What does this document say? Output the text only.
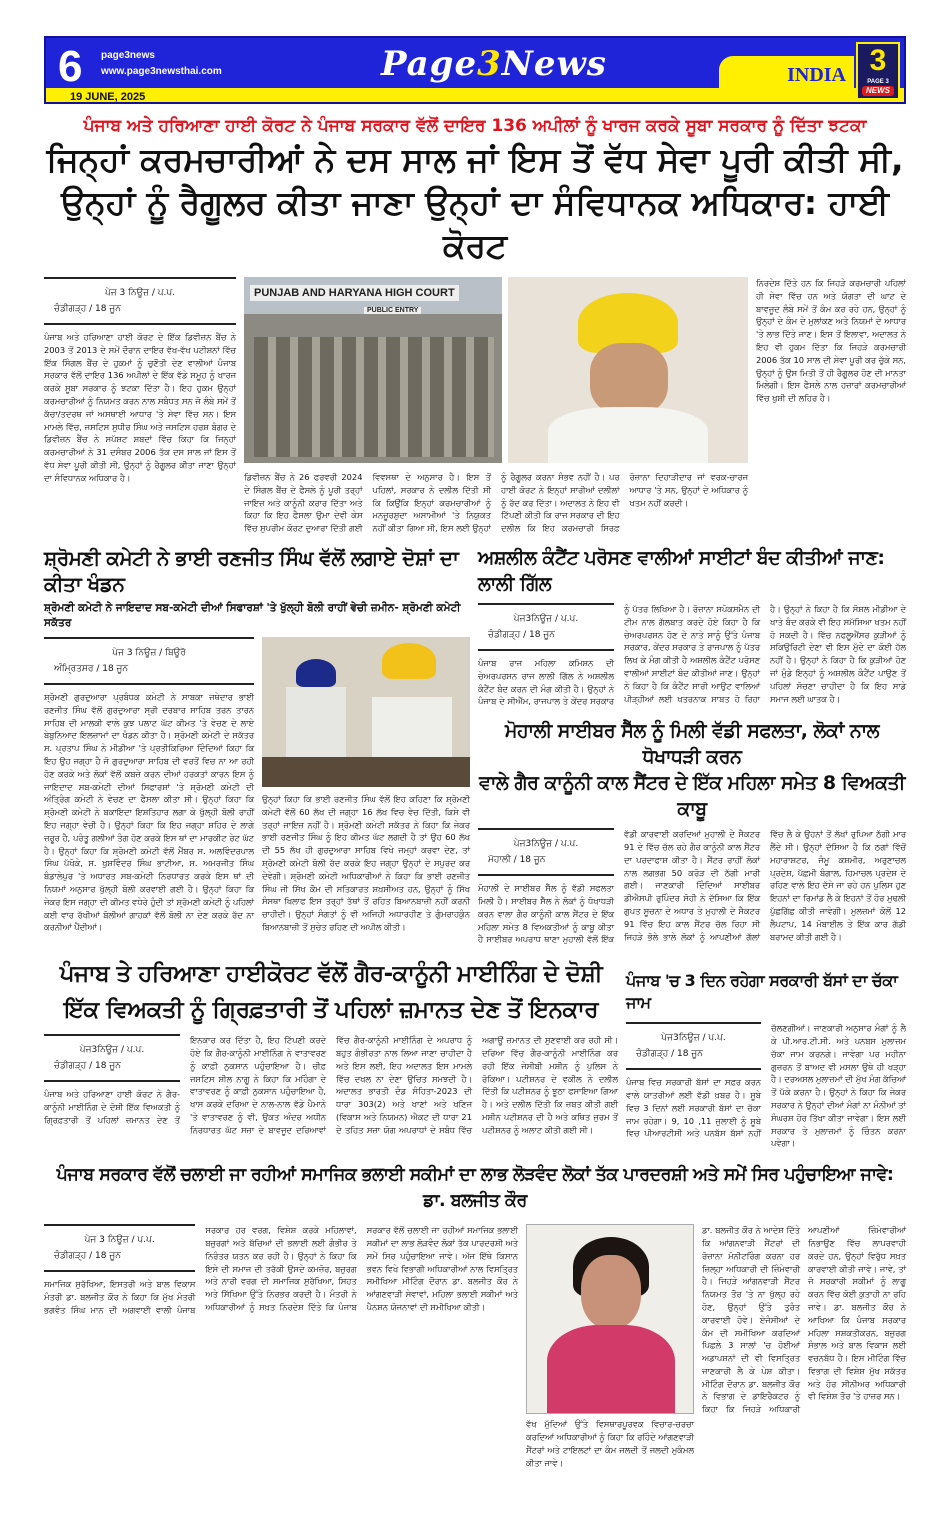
6 page3news
www.page3newsthai.com
19 JUNE, 2025
Page3News	INDIA 3
PAGE 3
NEWS
ਪੰਜਾਬ ਅਤੇ ਹਰਿਆਣਾ ਹਾਈ ਕੋਰਟ ਨੇ ਪੰਜਾਬ ਸਰਕਾਰ ਵੱਲੋਂ ਦਾਇਰ 136 ਅਪੀਲਾਂ ਨੂੰ ਖਾਰਜ ਕਰਕੇ ਸੂਬਾ ਸਰਕਾਰ ਨੂੰ ਦਿੱਤਾ ਝਟਕਾ
ਜਿਨ੍ਹਾਂ ਕਰਮਚਾਰੀਆਂ ਨੇ ਦਸ ਸਾਲ ਜਾਂ ਇਸ ਤੋਂ ਵੱਧ ਸੇਵਾ ਪੂਰੀ ਕੀਤੀ ਸੀ,
ਉਨ੍ਹਾਂ ਨੂੰ ਰੈਗੂਲਰ ਕੀਤਾ ਜਾਣਾ ਉਨ੍ਹਾਂ ਦਾ ਸੰਵਿਧਾਨਕ ਅਧਿਕਾਰ: ਹਾਈ ਕੋਰਟ
ਪੇਜ 3 ਨਿਊਜ਼ / ਪ.ਪ.
ਚੰਡੀਗੜ੍ਹ / 18 ਜੂਨ
ਪੰਜਾਬ ਅਤੇ ਹਰਿਆਣਾ ਹਾਈ ਕੋਰਟ ਦੇ ਇੱਕ ਡਿਵੀਜ਼ਨ ਬੈਂਚ ਨੇ 2003 ਤੋਂ 2013 ਦੇ ਸਮੇਂ ਦੌਰਾਨ ਦਾਇਰ ਵੱਖ-ਵੱਖ ਪਟੀਸ਼ਨਾਂ ਵਿੱਚ ਇੱਕ ਸਿੰਗਲ ਬੈਂਚ ਦੇ ਹੁਕਮਾਂ ਨੂੰ ਚੁਣੌਤੀ ਦੇਣ ਵਾਲੀਆਂ ਪੰਜਾਬ ਸਰਕਾਰ ਵੱਲੋਂ ਦਾਇਰ 136 ਅਪੀਲਾਂ ਦੇ ਇੱਕ ਵੱਡੇ ਸਮੂਹ ਨੂੰ ਖਾਰਜ ਕਰਕੇ ਸੂਬਾ ਸਰਕਾਰ ਨੂੰ ਝਟਕਾ ਦਿੱਤਾ ਹੈ। ਇਹ ਹੁਕਮ ਉਨ੍ਹਾਂ ਕਰਮਚਾਰੀਆਂ ਨੂੰ ਨਿਯਮਤ ਕਰਨ ਨਾਲ ਸਬੰਧਤ ਸਨ ਜੋ ਲੰਬੇ ਸਮੇਂ ਤੋਂ ਕੱਚਾ/ਤਦਰਥ ਜਾਂ ਅਸਥਾਈ ਆਧਾਰ 'ਤੇ ਸੇਵਾ ਵਿੱਚ ਸਨ। ਇਸ ਮਾਮਲੇ ਵਿੱਚ, ਜਸਟਿਸ ਸੁਧੀਰ ਸਿੰਘ ਅਤੇ ਜਸਟਿਸ ਹਰਸ਼ ਬੰਗਰ ਦੇ ਡਿਵੀਜ਼ਨ ਬੈਂਚ ਨੇ ਸਪੱਸ਼ਟ ਸ਼ਬਦਾਂ ਵਿੱਚ ਕਿਹਾ ਕਿ ਜਿਨ੍ਹਾਂ ਕਰਮਚਾਰੀਆਂ ਨੇ 31 ਦਸੰਬਰ 2006 ਤੱਕ ਦਸ ਸਾਲ ਜਾਂ ਇਸ ਤੋਂ ਵੱਧ ਸੇਵਾ ਪੂਰੀ ਕੀਤੀ ਸੀ, ਉਨ੍ਹਾਂ ਨੂੰ ਰੈਗੂਲਰ ਕੀਤਾ ਜਾਣਾ ਉਨ੍ਹਾਂ ਦਾ ਸੰਵਿਧਾਨਕ ਅਧਿਕਾਰ ਹੈ।
PUNJAB AND HARYANA HIGH COURT
PUBLIC ENTRY
ਡਿਵੀਜ਼ਨ ਬੈਂਚ ਨੇ 26 ਫਰਵਰੀ 2024 ਦੇ ਸਿੰਗਲ ਬੈਂਚ ਦੇ ਫੈਸਲੇ ਨੂੰ ਪੂਰੀ ਤਰ੍ਹਾਂ ਜਾਇਜ਼ ਅਤੇ ਕਾਨੂੰਨੀ ਕਰਾਰ ਦਿੱਤਾ ਅਤੇ ਕਿਹਾ ਕਿ ਇਹ ਫੈਸਲਾ ਉਮਾ ਦੇਵੀ ਕੇਸ ਵਿੱਚ ਸੁਪਰੀਮ ਕੋਰਟ ਦੁਆਰਾ ਦਿੱਤੀ ਗਈ ਵਿਵਸਥਾ ਦੇ ਅਨੁਸਾਰ ਹੈ। ਇਸ ਤੋਂ ਪਹਿਲਾਂ, ਸਰਕਾਰ ਨੇ ਦਲੀਲ ਦਿੱਤੀ ਸੀ ਕਿ ਕਿਉਂਕਿ ਇਨ੍ਹਾਂ ਕਰਮਚਾਰੀਆਂ ਨੂੰ ਮਨਜ਼ੂਰਸ਼ੁਦਾ ਅਸਾਮੀਆਂ 'ਤੇ ਨਿਯੁਕਤ ਨਹੀਂ ਕੀਤਾ ਗਿਆ ਸੀ, ਇਸ ਲਈ ਉਨ੍ਹਾਂ ਨੂੰ ਰੈਗੂਲਰ ਕਰਨਾ ਸੰਭਵ ਨਹੀਂ ਹੈ। ਪਰ ਹਾਈ ਕੋਰਟ ਨੇ ਇਨ੍ਹਾਂ ਸਾਰੀਆਂ ਦਲੀਲਾਂ ਨੂੰ ਰੱਦ ਕਰ ਦਿੱਤਾ। ਅਦਾਲਤ ਨੇ ਇਹ ਵੀ ਟਿੱਪਣੀ ਕੀਤੀ ਕਿ ਰਾਜ ਸਰਕਾਰ ਦੀ ਇਹ ਦਲੀਲ ਕਿ ਇਹ ਕਰਮਚਾਰੀ ਸਿਰਫ਼ ਰੋਜ਼ਾਨਾ ਦਿਹਾੜੀਦਾਰ ਜਾਂ ਵਰਕ-ਚਾਰਜ ਆਧਾਰ 'ਤੇ ਸਨ, ਉਨ੍ਹਾਂ ਦੇ ਅਧਿਕਾਰ ਨੂੰ ਖਤਮ ਨਹੀਂ ਕਰਦੀ।
ਨਿਰਦੇਸ਼ ਦਿੱਤੇ ਹਨ ਕਿ ਜਿਹੜੇ ਕਰਮਚਾਰੀ ਪਹਿਲਾਂ ਹੀ ਸੇਵਾ ਵਿੱਚ ਹਨ ਅਤੇ ਯੋਗਤਾ ਦੀ ਘਾਟ ਦੇ ਬਾਵਜੂਦ ਲੰਬੇ ਸਮੇਂ ਤੋਂ ਕੰਮ ਕਰ ਰਹੇ ਹਨ, ਉਨ੍ਹਾਂ ਨੂੰ ਉਨ੍ਹਾਂ ਦੇ ਕੰਮ ਦੇ ਮੁਲਾਂਕਣ ਅਤੇ ਨਿਯਮਾਂ ਦੇ ਆਧਾਰ 'ਤੇ ਲਾਭ ਦਿੱਤੇ ਜਾਣ। ਇਸ ਤੋਂ ਇਲਾਵਾ, ਅਦਾਲਤ ਨੇ ਇਹ ਵੀ ਹੁਕਮ ਦਿੱਤਾ ਕਿ ਜਿਹੜੇ ਕਰਮਚਾਰੀ 2006 ਤੱਕ 10 ਸਾਲ ਦੀ ਸੇਵਾ ਪੂਰੀ ਕਰ ਚੁੱਕੇ ਸਨ, ਉਨ੍ਹਾਂ ਨੂੰ ਉਸ ਮਿਤੀ ਤੋਂ ਹੀ ਰੈਗੂਲਰ ਹੋਣ ਦੀ ਮਾਨਤਾ ਮਿਲੇਗੀ। ਇਸ ਫੈਸਲੇ ਨਾਲ ਹਜ਼ਾਰਾਂ ਕਰਮਚਾਰੀਆਂ ਵਿੱਚ ਖੁਸ਼ੀ ਦੀ ਲਹਿਰ ਹੈ।
ਸ਼੍ਰੋਮਣੀ ਕਮੇਟੀ ਨੇ ਭਾਈ ਰਣਜੀਤ ਸਿੰਘ ਵੱਲੋਂ ਲਗਾਏ ਦੋਸ਼ਾਂ ਦਾ ਕੀਤਾ ਖੰਡਨ
ਸ਼੍ਰੋਮਣੀ ਕਮੇਟੀ ਨੇ ਜਾਇਦਾਦ ਸਬ-ਕਮੇਟੀ ਦੀਆਂ ਸਿਫਾਰਸ਼ਾਂ 'ਤੇ ਖੁੱਲ੍ਹੀ ਬੋਲੀ ਰਾਹੀਂ ਵੇਚੀ ਜ਼ਮੀਨ- ਸ਼੍ਰੋਮਣੀ ਕਮੇਟੀ ਸਕੱਤਰ
ਪੇਜ 3 ਨਿਊਜ਼ / ਬਿਊਰੋ
ਅੰਮ੍ਰਿਤਸਰ / 18 ਜੂਨ
ਸ਼੍ਰੋਮਣੀ ਗੁਰਦੁਆਰਾ ਪ੍ਰਬੰਧਕ ਕਮੇਟੀ ਨੇ ਸਾਬਕਾ ਜਥੇਦਾਰ ਭਾਈ ਰਣਜੀਤ ਸਿੰਘ ਵੱਲੋਂ ਗੁਰਦੁਆਰਾ ਸ੍ਰੀ ਦਰਬਾਰ ਸਾਹਿਬ ਤਰਨ ਤਾਰਨ ਸਾਹਿਬ ਦੀ ਮਾਲਕੀ ਵਾਲੇ ਕੁਝ ਪਲਾਟ ਘੱਟ ਕੀਮਤ 'ਤੇ ਵੇਚਣ ਦੇ ਲਾਏ ਬੇਬੁਨਿਆਦ ਇਲਜ਼ਾਮਾਂ ਦਾ ਖੰਡਨ ਕੀਤਾ ਹੈ। ਸ਼੍ਰੋਮਣੀ ਕਮੇਟੀ ਦੇ ਸਕੱਤਰ ਸ. ਪ੍ਰਤਾਪ ਸਿੰਘ ਨੇ ਮੀਡੀਆ 'ਤੇ ਪ੍ਰਤੀਕਿਰਿਆ ਦਿੰਦਿਆਂ ਕਿਹਾ ਕਿ ਇਹ ਉਹ ਜਗ੍ਹਾ ਹੈ ਜੋ ਗੁਰਦੁਆਰਾ ਸਾਹਿਬ ਦੀ ਵਰਤੋਂ ਵਿਚ ਨਾ ਆ ਰਹੀ ਹੋਣ ਕਰਕੇ ਅਤੇ ਲੋਕਾਂ ਵੱਲੋਂ ਕਬਜ਼ੇ ਕਰਨ ਦੀਆਂ ਹਰਕਤਾਂ ਕਾਰਨ ਇਸ ਨੂੰ ਜਾਇਦਾਦ ਸਬ-ਕਮੇਟੀ ਦੀਆਂ ਸਿਫਾਰਸ਼ਾਂ 'ਤੇ ਸ਼੍ਰੋਮਣੀ ਕਮੇਟੀ ਦੀ ਅੰਤ੍ਰਿੰਗ ਕਮੇਟੀ ਨੇ ਵੇਚਣ ਦਾ ਫੈਸਲਾ ਕੀਤਾ ਸੀ। ਉਨ੍ਹਾਂ ਕਿਹਾ ਕਿ ਸ਼੍ਰੋਮਣੀ ਕਮੇਟੀ ਨੇ ਬਕਾਇਦਾ ਇਸ਼ਤਿਹਾਰ ਲਗਾ ਕੇ ਖੁੱਲ੍ਹੀ ਬੋਲੀ ਰਾਹੀਂ ਇਹ ਜਗ੍ਹਾ ਵੇਚੀ ਹੈ। ਉਨ੍ਹਾਂ ਕਿਹਾ ਕਿ ਇਹ ਜਗ੍ਹਾ ਸ਼ਹਿਰ ਦੇ ਲਾਗੇ ਜ਼ਰੂਰ ਹੈ, ਪਰੰਤੂ ਗਲੀਆਂ ਤੰਗ ਹੋਣ ਕਰਕੇ ਇਸ ਥਾਂ ਦਾ ਮਾਰਕੀਟ ਰੇਟ ਘੱਟ ਹੈ। ਉਨ੍ਹਾਂ ਕਿਹਾ ਕਿ ਸ਼੍ਰੋਮਣੀ ਕਮੇਟੀ ਵੱਲੋਂ ਮੈਂਬਰ ਸ. ਅਲਵਿੰਦਰਪਾਲ ਸਿੰਘ ਪੱਖੋਕੇ, ਸ. ਖੁਸ਼ਵਿੰਦਰ ਸਿੰਘ ਭਾਟੀਆ, ਸ. ਅਮਰਜੀਤ ਸਿੰਘ ਬੰਡਾਲੇਪੁਰ 'ਤੇ ਅਧਾਰਤ ਸਬ-ਕਮੇਟੀ ਨਿਰਧਾਰਤ ਕਰਕੇ ਇਸ ਥਾਂ ਦੀ ਨਿਯਮਾਂ ਅਨੁਸਾਰ ਖੁੱਲ੍ਹੀ ਬੋਲੀ ਕਰਵਾਈ ਗਈ ਹੈ। ਉਨ੍ਹਾਂ ਕਿਹਾ ਕਿ ਜੇਕਰ ਇਸ ਜਗ੍ਹਾ ਦੀ ਕੀਮਤ ਵਧੇਰੇ ਹੁੰਦੀ ਤਾਂ ਸ਼੍ਰੋਮਣੀ ਕਮੇਟੀ ਨੂੰ ਪਹਿਲਾਂ ਕਈ ਵਾਰ ਰੱਖੀਆਂ ਬੋਲੀਆਂ ਗਾਹਕਾਂ ਵੱਲੋਂ ਬੋਲੀ ਨਾ ਦੇਣ ਕਰਕੇ ਰੱਦ ਨਾ ਕਰਨੀਆਂ ਪੈਂਦੀਆਂ।
ਉਨ੍ਹਾਂ ਕਿਹਾ ਕਿ ਭਾਈ ਰਣਜੀਤ ਸਿੰਘ ਵੱਲੋਂ ਇਹ ਕਹਿਣਾ ਕਿ ਸ਼੍ਰੋਮਣੀ ਕਮੇਟੀ ਵੱਲੋਂ 60 ਲੱਖ ਦੀ ਜਗ੍ਹਾ 16 ਲੱਖ ਵਿਚ ਵੇਚ ਦਿੱਤੀ, ਕਿਸੇ ਵੀ ਤਰ੍ਹਾਂ ਜਾਇਜ਼ ਨਹੀਂ ਹੈ। ਸ਼੍ਰੋਮਣੀ ਕਮੇਟੀ ਸਕੱਤਰ ਨੇ ਕਿਹਾ ਕਿ ਜੇਕਰ ਭਾਈ ਰਣਜੀਤ ਸਿੰਘ ਨੂੰ ਇਹ ਕੀਮਤ ਘੱਟ ਲਗਦੀ ਹੈ ਤਾਂ ਉਹ 60 ਲੱਖ ਦੀ 55 ਲੱਖ ਹੀ ਗੁਰਦੁਆਰਾ ਸਾਹਿਬ ਵਿਖੇ ਜਮ੍ਹਾਂ ਕਰਵਾ ਦੇਣ, ਤਾਂ ਸ਼੍ਰੋਮਣੀ ਕਮੇਟੀ ਬੋਲੀ ਰੱਦ ਕਰਕੇ ਇਹ ਜਗ੍ਹਾ ਉਨ੍ਹਾਂ ਦੇ ਸਪੁਰਦ ਕਰ ਦੇਵੇਗੀ। ਸ਼੍ਰੋਮਣੀ ਕਮੇਟੀ ਅਧਿਕਾਰੀਆਂ ਨੇ ਕਿਹਾ ਕਿ ਭਾਈ ਰਣਜੀਤ ਸਿੰਘ ਜੀ ਸਿੱਖ ਕੌਮ ਦੀ ਸਤਿਕਾਰਤ ਸ਼ਖ਼ਸੀਅਤ ਹਨ, ਉਨ੍ਹਾਂ ਨੂੰ ਸਿੱਖ ਸੰਸਥਾ ਖਿਲਾਫ ਇਸ ਤਰ੍ਹਾਂ ਤੱਥਾਂ ਤੋਂ ਰਹਿਤ ਬਿਆਨਬਾਜ਼ੀ ਨਹੀਂ ਕਰਨੀ ਚਾਹੀਦੀ। ਉਨ੍ਹਾਂ ਸੰਗਤਾਂ ਨੂੰ ਵੀ ਅਜਿਹੀ ਅਧਾਰਹੀਣ ਤੇ ਗੁੰਮਰਾਹਕੁੰਨ ਬਿਆਨਬਾਜ਼ੀ ਤੋਂ ਸੁਚੇਤ ਰਹਿਣ ਦੀ ਅਪੀਲ ਕੀਤੀ।
ਅਸ਼ਲੀਲ ਕੰਟੈਂਟ ਪਰੋਸਣ ਵਾਲੀਆਂ ਸਾਈਟਾਂ ਬੰਦ ਕੀਤੀਆਂ ਜਾਣ: ਲਾਲੀ ਗਿੱਲ
ਪੇਜ3ਨਿਊਜ਼ / ਪ.ਪ.
ਚੰਡੀਗੜ੍ਹ / 18 ਜੂਨ
ਪੰਜਾਬ ਰਾਜ ਮਹਿਲਾ ਕਮਿਸ਼ਨ ਦੀ ਚੇਅਰਪਰਸਨ ਰਾਜ ਲਾਲੀ ਗਿੱਲ ਨੇ ਅਸ਼ਲੀਲ ਕੰਟੈਂਟ ਬੰਦ ਕਰਨ ਦੀ ਮੰਗ ਕੀਤੀ ਹੈ। ਉਨ੍ਹਾਂ ਨੇ ਪੰਜਾਬ ਦੇ ਸੀਐੱਮ, ਰਾਜਪਾਲ ਤੇ ਕੇਂਦਰ ਸਰਕਾਰ ਨੂੰ ਪੱਤਰ ਲਿਖਿਆ ਹੈ। ਰੋਜ਼ਾਨਾ ਸਪੋਕਸਮੈਨ ਦੀ ਟੀਮ ਨਾਲ ਗੱਲਬਾਤ ਕਰਦੇ ਹੋਏ ਕਿਹਾ ਹੈ ਕਿ ਚੇਅਰਪਰਸਨ ਹੋਣ ਦੇ ਨਾਤੇ ਸਾਨੂੰ ਉੱਤੇ ਪੰਜਾਬ ਸਰਕਾਰ, ਕੇਂਦਰ ਸਰਕਾਰ ਤੇ ਰਾਜਪਾਲ ਨੂੰ ਪੱਤਰ ਲਿਖ ਕੇ ਮੰਗ ਕੀਤੀ ਹੈ ਅਸ਼ਲੀਲ ਕੰਟੈਂਟ ਪਰੋਸਣ ਵਾਲੀਆਂ ਸਾਈਟਾਂ ਬੰਦ ਕੀਤੀਆਂ ਜਾਣ। ਉਨ੍ਹਾਂ ਨੇ ਕਿਹਾ ਹੈ ਕਿ ਕੰਟੈਂਟ ਸਾਰੀ ਆਉਟ ਵਾਲਿਆਂ ਪੀੜ੍ਹੀਆਂ ਲਈ ਖਤਰਨਾਕ ਸਾਬਤ ਹੋ ਰਿਹਾ ਹੈ। ਉਨ੍ਹਾਂ ਨੇ ਕਿਹਾ ਹੈ ਕਿ ਸੋਸ਼ਲ ਮੀਡੀਆ ਦੇ ਖਾਤੇ ਬੰਦ ਕਰਕੇ ਵੀ ਇਹ ਸਮੱਸਿਆ ਖਤਮ ਨਹੀਂ ਹੋ ਸਕਦੀ ਹੈ। ਵਿੱਚ ਨਫਲੂਐਂਸਰ ਕੁੜੀਆਂ ਨੂੰ ਸਕਿਉਰਿਟੀ ਦੇਣਾ ਵੀ ਇਸ ਮੁੱਦੇ ਦਾ ਕੋਈ ਹੱਲ ਨਹੀਂ ਹੈ। ਉਨ੍ਹਾਂ ਨੇ ਕਿਹਾ ਹੈ ਕਿ ਕੁੜੀਆਂ ਹੋਣ ਜਾਂ ਮੁੰਡੇ ਇਨ੍ਹਾਂ ਨੂੰ ਅਸ਼ਲੀਲ ਕੰਟੈਂਟ ਪਾਉਣ ਤੋਂ ਪਹਿਲਾਂ ਸੋਚਣਾ ਚਾਹੀਦਾ ਹੈ ਕਿ ਇਹ ਸਾਡੇ ਸਮਾਜ ਲਈ ਘਾਤਕ ਹੈ।
ਮੋਹਾਲੀ ਸਾਈਬਰ ਸੈੱਲ ਨੂੰ ਮਿਲੀ ਵੱਡੀ ਸਫਲਤਾ, ਲੋਕਾਂ ਨਾਲ ਧੋਖਾਧੜੀ ਕਰਨ
ਵਾਲੇ ਗੈਰ ਕਾਨੂੰਨੀ ਕਾਲ ਸੈਂਟਰ ਦੇ ਇੱਕ ਮਹਿਲਾ ਸਮੇਤ 8 ਵਿਅਕਤੀ ਕਾਬੂ
ਪੇਜ3ਨਿਊਜ਼ / ਪ.ਪ.
ਮੋਹਾਲੀ / 18 ਜੂਨ
ਮੋਹਾਲੀ ਦੇ ਸਾਈਬਰ ਸੈੱਲ ਨੂੰ ਵੱਡੀ ਸਫਲਤਾ ਮਿਲੀ ਹੈ। ਸਾਈਬਰ ਸੈੱਲ ਨੇ ਲੋਕਾਂ ਨੂੰ ਧੋਖਾਧੜੀ ਕਰਨ ਵਾਲਾ ਗੈਰ ਕਾਨੂੰਨੀ ਕਾਲ ਸੈਂਟਰ ਦੇ ਇੱਕ ਮਹਿਲਾ ਸਮੇਤ 8 ਵਿਅਕਤੀਆਂ ਨੂੰ ਕਾਬੂ ਕੀਤਾ ਹੈ ਸਾਈਬਰ ਅਪਰਾਧ ਥਾਣਾ ਮੁਹਾਲੀ ਵੱਲੋਂ ਇੱਕ ਵੱਡੀ ਕਾਰਵਾਈ ਕਰਦਿਆਂ ਮੁਹਾਲੀ ਦੇ ਸੈਕਟਰ 91 ਦੇ ਵਿੱਚ ਚੱਲ ਰਹੇ ਗੈਰ ਕਾਨੂੰਨੀ ਕਾਲ ਸੈਂਟਰ ਦਾ ਪਰਦਾਫਾਸ਼ ਕੀਤਾ ਹੈ। ਸੈਂਟਰ ਰਾਹੀਂ ਲੋਕਾਂ ਨਾਲ ਲਗਭਗ 50 ਕਰੋੜ ਦੀ ਠੱਗੀ ਮਾਰੀ ਗਈ। ਜਾਣਕਾਰੀ ਦਿੰਦਿਆਂ ਸਾਈਬਰ ਡੀਐਸਪੀ ਰੁਪਿੰਦਰ ਸੋਹੀ ਨੇ ਦੱਸਿਆ ਕਿ ਇੱਕ ਗੁਪਤ ਸੂਚਨਾ ਦੇ ਅਧਾਰ ਤੇ ਮੁਹਾਲੀ ਦੇ ਸੈਕਟਰ 91 ਵਿੱਚ ਇਹ ਕਾਲ ਸੈਂਟਰ ਚੱਲ ਰਿਹਾ ਸੀ ਜਿਹੜੇ ਭੋਲੇ ਭਾਲੇ ਲੋਕਾਂ ਨੂੰ ਆਪਣੀਆਂ ਗੱਲਾਂ ਵਿੱਚ ਲੈ ਕੇ ਉਹਨਾਂ ਤੋਂ ਲੱਖਾਂ ਰੁਪਿਆ ਠੱਗੀ ਮਾਰ ਲੈਂਦੇ ਸੀ। ਉਨ੍ਹਾਂ ਦੱਸਿਆ ਹੈ ਕਿ ਠਗਾਂ ਵਿੱਚੋਂ ਮਹਾਰਾਸ਼ਟਰ, ਜੰਮੂ ਕਸ਼ਮੀਰ, ਅਰੁਣਾਚਲ ਪ੍ਰਦੇਸ਼, ਪੱਛਮੀ ਬੰਗਾਲ, ਹਿਮਾਚਲ ਪ੍ਰਦੇਸ਼ ਦੇ ਰਹਿਣ ਵਾਲੇ ਇਹ ਦੱਸੇ ਜਾ ਰਹੇ ਹਨ ਪੁਲਿਸ ਹੁਣ ਇਹਨਾਂ ਦਾ ਰਿਮਾਂਡ ਲੈ ਕੇ ਇਹਨਾਂ ਤੋਂ ਹੋਰ ਮੁਢਲੀ ਪੁੱਛਗਿੱਛ ਕੀਤੀ ਜਾਵੇਗੀ। ਮੁਲਜ਼ਮਾਂ ਕੋਲੋਂ 12 ਲੈਪਟਾਪ, 14 ਮੋਬਾਈਲ ਤੇ ਇੱਕ ਕਾਰ ਗੱਡੀ ਬਰਾਮਦ ਕੀਤੀ ਗਈ ਹੈ।
ਪੰਜਾਬ ਤੇ ਹਰਿਆਣਾ ਹਾਈਕੋਰਟ ਵੱਲੋਂ ਗੈਰ-ਕਾਨੂੰਨੀ ਮਾਈਨਿੰਗ ਦੇ ਦੋਸ਼ੀ
ਇੱਕ ਵਿਅਕਤੀ ਨੂੰ ਗ੍ਰਿਫ਼ਤਾਰੀ ਤੋਂ ਪਹਿਲਾਂ ਜ਼ਮਾਨਤ ਦੇਣ ਤੋਂ ਇਨਕਾਰ
ਪੇਜ3ਨਿਊਜ਼ / ਪ.ਪ.
ਚੰਡੀਗੜ੍ਹ / 18 ਜੂਨ
ਪੰਜਾਬ ਅਤੇ ਹਰਿਆਣਾ ਹਾਈ ਕੋਰਟ ਨੇ ਗੈਰ-ਕਾਨੂੰਨੀ ਮਾਈਨਿੰਗ ਦੇ ਦੋਸ਼ੀ ਇੱਕ ਵਿਅਕਤੀ ਨੂੰ ਗ੍ਰਿਫ਼ਤਾਰੀ ਤੋਂ ਪਹਿਲਾਂ ਜ਼ਮਾਨਤ ਦੇਣ ਤੋਂ ਇਨਕਾਰ ਕਰ ਦਿੱਤਾ ਹੈ, ਇਹ ਟਿੱਪਣੀ ਕਰਦੇ ਹੋਏ ਕਿ ਗੈਰ-ਕਾਨੂੰਨੀ ਮਾਈਨਿੰਗ ਨੇ ਵਾਤਾਵਰਣ ਨੂੰ ਕਾਫ਼ੀ ਨੁਕਸਾਨ ਪਹੁੰਚਾਇਆ ਹੈ। ਚੀਫ਼ ਜਸਟਿਸ ਸ਼ੀਲ ਨਾਗੂ ਨੇ ਕਿਹਾ ਕਿ ਮਹਿੰਗਾ ਦੇ ਵਾਤਾਵਰਣ ਨੂੰ ਕਾਫ਼ੀ ਨੁਕਸਾਨ ਪਹੁੰਚਾਇਆ ਹੈ, ਖਾਸ ਕਰਕੇ ਦਰਿਆ ਦੇ ਨਾਲ-ਨਾਲ ਵੱਡੇ ਪੈਮਾਨੇ 'ਤੇ ਵਾਤਾਵਰਣ ਨੂੰ ਵੀ, ਉਕਤ ਅੰਦਰ ਅਧੀਨ ਨਿਰਧਾਰਤ ਘੱਟ ਸਜ਼ਾ ਦੇ ਬਾਵਜੂਦ ਦਰਿਆਵਾਂ ਵਿੱਚ ਗੈਰ-ਕਾਨੂੰਨੀ ਮਾਈਨਿੰਗ ਦੇ ਅਪਰਾਧ ਨੂੰ ਬਹੁਤ ਗੰਭੀਰਤਾ ਨਾਲ ਲਿਆ ਜਾਣਾ ਚਾਹੀਦਾ ਹੈ ਅਤੇ ਇਸ ਲਈ, ਇਹ ਅਦਾਲਤ ਇਸ ਮਾਮਲੇ ਵਿੱਚ ਦਖਲ ਨਾ ਦੇਣਾ ਉਚਿਤ ਸਮਝਦੀ ਹੈ। ਅਦਾਲਤ ਭਾਰਤੀ ਦੰਡ ਸੰਹਿਤਾ-2023 ਦੀ ਧਾਰਾ 303(2) ਅਤੇ ਖਾਣਾਂ ਅਤੇ ਖਣਿਜ (ਵਿਕਾਸ ਅਤੇ ਨਿਯਮਨ) ਐਕਟ ਦੀ ਧਾਰਾ 21 ਦੇ ਤਹਿਤ ਸਜ਼ਾ ਯੋਗ ਅਪਰਾਧਾਂ ਦੇ ਸਬੰਧ ਵਿੱਚ ਅਗਾਊਂ ਜ਼ਮਾਨਤ ਦੀ ਸੁਣਵਾਈ ਕਰ ਰਹੀ ਸੀ। ਦਰਿਆ ਵਿੱਚ ਗੈਰ-ਕਾਨੂੰਨੀ ਮਾਈਨਿੰਗ ਕਰ ਰਹੀ ਇੱਕ ਜੇਸੀਬੀ ਮਸ਼ੀਨ ਨੂੰ ਪੁਲਿਸ ਨੇ ਰੋਕਿਆ। ਪਟੀਸ਼ਨਰ ਦੇ ਵਕੀਲ ਨੇ ਦਲੀਲ ਦਿੱਤੀ ਕਿ ਪਟੀਸ਼ਨਰ ਨੂੰ ਝੂਠਾ ਫਸਾਇਆ ਗਿਆ ਹੈ। ਅਤੇ ਦਲੀਲ ਦਿੱਤੀ ਕਿ ਜ਼ਬਤ ਕੀਤੀ ਗਈ ਮਸ਼ੀਨ ਪਟੀਸ਼ਨਰ ਦੀ ਹੈ ਅਤੇ ਕਥਿਤ ਜੁਰਮ ਤੋਂ ਪਟੀਸ਼ਨਰ ਨੂੰ ਅਲਾਟ ਕੀਤੀ ਗਈ ਸੀ।
ਪੰਜਾਬ 'ਚ 3 ਦਿਨ ਰਹੇਗਾ ਸਰਕਾਰੀ ਬੱਸਾਂ ਦਾ ਚੱਕਾ ਜਾਮ
ਪੇਜ3ਨਿਊਜ਼ / ਪ.ਪ.
ਚੰਡੀਗੜ੍ਹ / 18 ਜੂਨ
ਪੰਜਾਬ ਵਿਚ ਸਰਕਾਰੀ ਬੱਸਾਂ ਦਾ ਸਫ਼ਰ ਕਰਨ ਵਾਲੇ ਯਾਤਰੀਆਂ ਲਈ ਵੱਡੀ ਖ਼ਬਰ ਹੈ। ਸੂਬੇ ਵਿਚ 3 ਦਿਨਾਂ ਲਈ ਸਰਕਾਰੀ ਬੱਸਾਂ ਦਾ ਚੱਕਾ ਜਾਮ ਰਹੇਗਾ। 9, 10 ,11 ਜੁਲਾਈ ਨੂੰ ਸੂਬੇ ਵਿਚ ਪੀਆਰਟੀਸੀ ਅਤੇ ਪਨਬੱਸ ਬੱਸਾਂ ਨਹੀਂ ਚੱਲਣਗੀਆਂ। ਜਾਣਕਾਰੀ ਅਨੁਸਾਰ ਮੰਗਾਂ ਨੂੰ ਲੈ ਕੇ ਪੀ.ਆਰ.ਟੀ.ਸੀ. ਅਤੇ ਪਨਬਸ ਮੁਲਾਜ਼ਮ ਚੱਕਾ ਜਾਮ ਕਰਨਗੇ। ਜਾਵੇਗਾ ਪਰ ਮਹੀਨਾ ਗੁਜ਼ਰਨ ਤੋਂ ਬਾਅਦ ਵੀ ਮਸਲਾ ਉਥੇ ਹੀ ਖੜ੍ਹਾ ਹੈ। ਦਰਅਸਲ ਮੁਲਾਜ਼ਮਾਂ ਦੀ ਮੁੱਖ ਮੰਗ ਕੱਚਿਆਂ ਤੋਂ ਪੱਕੇ ਕਰਨਾ ਹੈ। ਉਨ੍ਹਾਂ ਨੇ ਕਿਹਾ ਕਿ ਜੇਕਰ ਸਰਕਾਰ ਨੇ ਉਨ੍ਹਾਂ ਦੀਆਂ ਮੰਗਾਂ ਨਾ ਮੰਨੀਆਂ ਤਾਂ ਸੰਘਰਸ਼ ਹੋਰ ਤਿੱਖਾ ਕੀਤਾ ਜਾਵੇਗਾ। ਇਸ ਲਈ ਸਰਕਾਰ ਤੇ ਮੁਲਾਜ਼ਮਾਂ ਨੂੰ ਚਿੰਤਨ ਕਰਨਾ ਪਵੇਗਾ।
ਪੰਜਾਬ ਸਰਕਾਰ ਵੱਲੋਂ ਚਲਾਈ ਜਾ ਰਹੀਆਂ ਸਮਾਜਿਕ ਭਲਾਈ ਸਕੀਮਾਂ ਦਾ ਲਾਭ ਲੋੜਵੰਦ ਲੋਕਾਂ ਤੱਕ ਪਾਰਦਰਸ਼ੀ ਅਤੇ ਸਮੇਂ ਸਿਰ ਪਹੁੰਚਾਇਆ ਜਾਵੇ: ਡਾ. ਬਲਜੀਤ ਕੌਰ
ਪੇਜ 3 ਨਿਊਜ਼ / ਪ.ਪ.
ਚੰਡੀਗੜ੍ਹ / 18 ਜੂਨ
ਸਮਾਜਿਕ ਸੁਰੱਖਿਆ, ਇਸਤਰੀ ਅਤੇ ਬਾਲ ਵਿਕਾਸ ਮੰਤਰੀ ਡਾ. ਬਲਜੀਤ ਕੌਰ ਨੇ ਕਿਹਾ ਕਿ ਮੁੱਖ ਮੰਤਰੀ ਭਗਵੰਤ ਸਿੰਘ ਮਾਨ ਦੀ ਅਗਵਾਈ ਵਾਲੀ ਪੰਜਾਬ ਸਰਕਾਰ ਹਰ ਵਰਗ, ਵਿਸ਼ੇਸ਼ ਕਰਕੇ ਮਹਿਲਾਵਾਂ, ਬਜ਼ੁਰਗਾਂ ਅਤੇ ਬੱਚਿਆਂ ਦੀ ਭਲਾਈ ਲਈ ਗੰਭੀਰ ਤੇ ਨਿਰੰਤਰ ਯਤਨ ਕਰ ਰਹੀ ਹੈ। ਉਨ੍ਹਾਂ ਨੇ ਕਿਹਾ ਕਿ ਇਸੇ ਦੀ ਸਮਾਜ ਦੀ ਤਰੱਕੀ ਉਸਦੇ ਕਮਜ਼ੋਰ, ਬਜ਼ੁਰਗ ਅਤੇ ਨਾਰੀ ਵਰਗ ਦੀ ਸਮਾਜਿਕ ਸੁਰੱਖਿਆ, ਸਿਹਤ ਅਤੇ ਸਿੱਖਿਆ ਉੱਤੇ ਨਿਰਭਰ ਕਰਦੀ ਹੈ। ਮੰਤਰੀ ਨੇ ਅਧਿਕਾਰੀਆਂ ਨੂੰ ਸਖ਼ਤ ਨਿਰਦੇਸ਼ ਦਿੱਤੇ ਕਿ ਪੰਜਾਬ ਸਰਕਾਰ ਵੱਲੋਂ ਚਲਾਈ ਜਾ ਰਹੀਆਂ ਸਮਾਜਿਕ ਭਲਾਈ ਸਕੀਮਾਂ ਦਾ ਲਾਭ ਲੋੜਵੰਦ ਲੋਕਾਂ ਤੱਕ ਪਾਰਦਰਸ਼ੀ ਅਤੇ ਸਮੇਂ ਸਿਰ ਪਹੁੰਚਾਇਆ ਜਾਵੇ। ਅੱਜ ਇੱਥੇ ਕਿਸਾਨ ਭਵਨ ਵਿਖੇ ਵਿਭਾਗੀ ਅਧਿਕਾਰੀਆਂ ਨਾਲ ਵਿਸਤ੍ਰਿਤ ਸਮੀਖਿਆ ਮੀਟਿੰਗ ਦੌਰਾਨ ਡਾ. ਬਲਜੀਤ ਕੌਰ ਨੇ ਆਂਗਣਵਾੜੀ ਸੇਵਾਵਾਂ, ਮਹਿਲਾ ਭਲਾਈ ਸਕੀਮਾਂ ਅਤੇ ਪੈਨਸ਼ਨ ਯੋਜਨਾਵਾਂ ਦੀ ਸਮੀਖਿਆ ਕੀਤੀ।
ਵੱਖ ਮੁੱਦਿਆਂ ਉੱਤੇ ਵਿਸਥਾਰਪੂਰਵਕ ਵਿਚਾਰ-ਚਰਚਾ ਕਰਦਿਆਂ ਅਧਿਕਾਰੀਆਂ ਨੂੰ ਕਿਹਾ ਕਿ ਰਹਿੰਦੇ ਆਂਗਣਵਾੜੀ ਸੈਂਟਰਾਂ ਅਤੇ ਟਾਇਲਟਾਂ ਦਾ ਕੰਮ ਜਲਦੀ ਤੋਂ ਜਲਦੀ ਮੁਕੰਮਲ ਕੀਤਾ ਜਾਵੇ।
ਡਾ. ਬਲਜੀਤ ਕੌਰ ਨੇ ਆਦੇਸ਼ ਦਿੱਤੇ ਕਿ ਆਂਗਨਵਾੜੀ ਸੈਂਟਰਾਂ ਦੀ ਰੋਜ਼ਾਨਾ ਮੋਨੀਟਰਿੰਗ ਕਰਨਾ ਹਰ ਜ਼ਿਲ੍ਹਾ ਅਧਿਕਾਰੀ ਦੀ ਜ਼ਿੰਮੇਵਾਰੀ ਹੈ। ਜਿਹੜੇ ਆਂਗਨਵਾੜੀ ਸੈਂਟਰ ਨਿਯਮਤ ਤੌਰ 'ਤੇ ਨਾ ਖੁੱਲ੍ਹ ਰਹੇ ਹੋਣ, ਉਨ੍ਹਾਂ ਉੱਤੇ ਤੁਰੰਤ ਕਾਰਵਾਈ ਹੋਵੇ। ਏਜੰਸੀਆਂ ਦੇ ਕੰਮ ਦੀ ਸਮੀਖਿਆ ਕਰਦਿਆਂ ਪਿਛਲੇ 3 ਸਾਲਾਂ 'ਚ ਹੋਈਆਂ ਅਡਾਪਸ਼ਨਾਂ ਦੀ ਵੀ ਵਿਸਤ੍ਰਿਤ ਜਾਣਕਾਰੀ ਲੈ ਕੇ ਪੇਸ਼ ਕੀਤਾ। ਮੀਟਿੰਗ ਦੌਰਾਨ ਡਾ. ਬਲਜੀਤ ਕੌਰ ਨੇ ਵਿਭਾਗ ਦੇ ਡਾਇਰੈਕਟਰ ਨੂੰ ਕਿਹਾ ਕਿ ਜਿਹੜੇ ਅਧਿਕਾਰੀ ਆਪਣੀਆਂ ਜ਼ਿੰਮੇਵਾਰੀਆਂ ਨਿਭਾਉਣ ਵਿੱਚ ਲਾਪਰਵਾਹੀ ਕਰਦੇ ਹਨ, ਉਨ੍ਹਾਂ ਵਿਰੁੱਧ ਸਖ਼ਤ ਕਾਰਵਾਈ ਕੀਤੀ ਜਾਵੇ। ਜਾਵੇ, ਤਾਂ ਜੋ ਸਰਕਾਰੀ ਸਕੀਮਾਂ ਨੂੰ ਲਾਗੂ ਕਰਨ ਵਿੱਚ ਕੋਈ ਕੁਤਾਹੀ ਨਾ ਰਹਿ ਜਾਵੇ। ਡਾ. ਬਲਜੀਤ ਕੌਰ ਨੇ ਆਖਿਆ ਕਿ ਪੰਜਾਬ ਸਰਕਾਰ ਮਹਿਲਾ ਸਸ਼ਕਤੀਕਰਨ, ਬਜ਼ੁਰਗ ਸੰਭਾਲ ਅਤੇ ਬਾਲ ਵਿਕਾਸ ਲਈ ਵਚਨਬੱਧ ਹੈ। ਇਸ ਮੀਟਿੰਗ ਵਿੱਚ ਵਿਭਾਗ ਦੀ ਵਿਸ਼ੇਸ਼ ਮੁੱਖ ਸਕੱਤਰ ਅਤੇ ਹੋਰ ਸੀਨੀਅਰ ਅਧਿਕਾਰੀ ਵੀ ਵਿਸ਼ੇਸ਼ ਤੌਰ 'ਤੇ ਹਾਜ਼ਰ ਸਨ।
